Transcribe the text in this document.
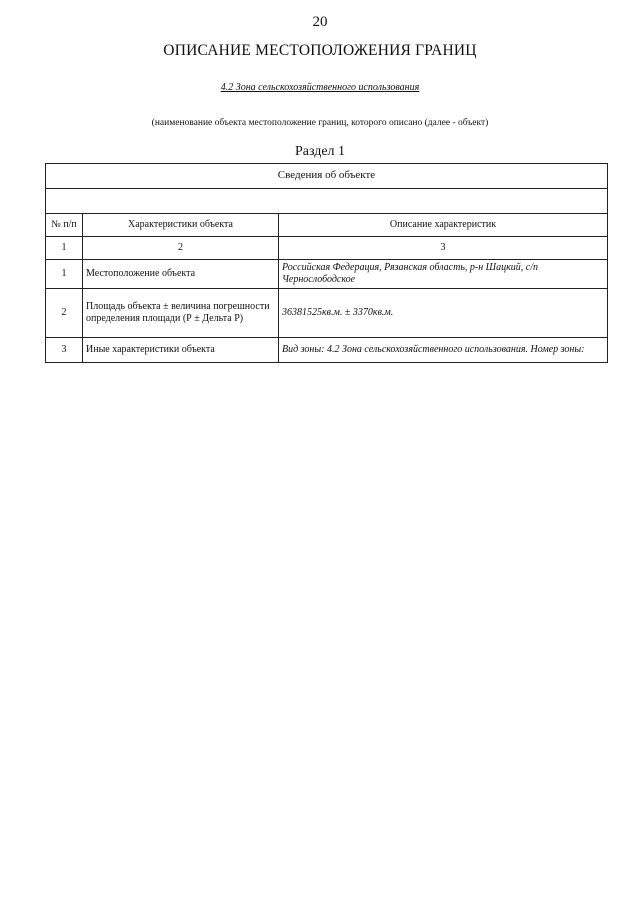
20
ОПИСАНИЕ МЕСТОПОЛОЖЕНИЯ ГРАНИЦ
4.2 Зона сельскохозяйственного использования
(наименование объекта местоположение границ, которого описано (далее - объект)
Раздел 1
Сведения об объекте		

№ п/п	Характеристики объекта	Описание характеристик
1	2	3
1	Местоположение объекта	Российская Федерация, Рязанская область, р-н Шацкий, с/п Чернослободское
2	Площадь объекта ± величина погрешности определения площади (Р ± Дельта Р)	36381525кв.м. ± 3370кв.м.
3	Иные характеристики объекта	Вид зоны: 4.2 Зона сельскохозяйственного использования. Номер зоны:
